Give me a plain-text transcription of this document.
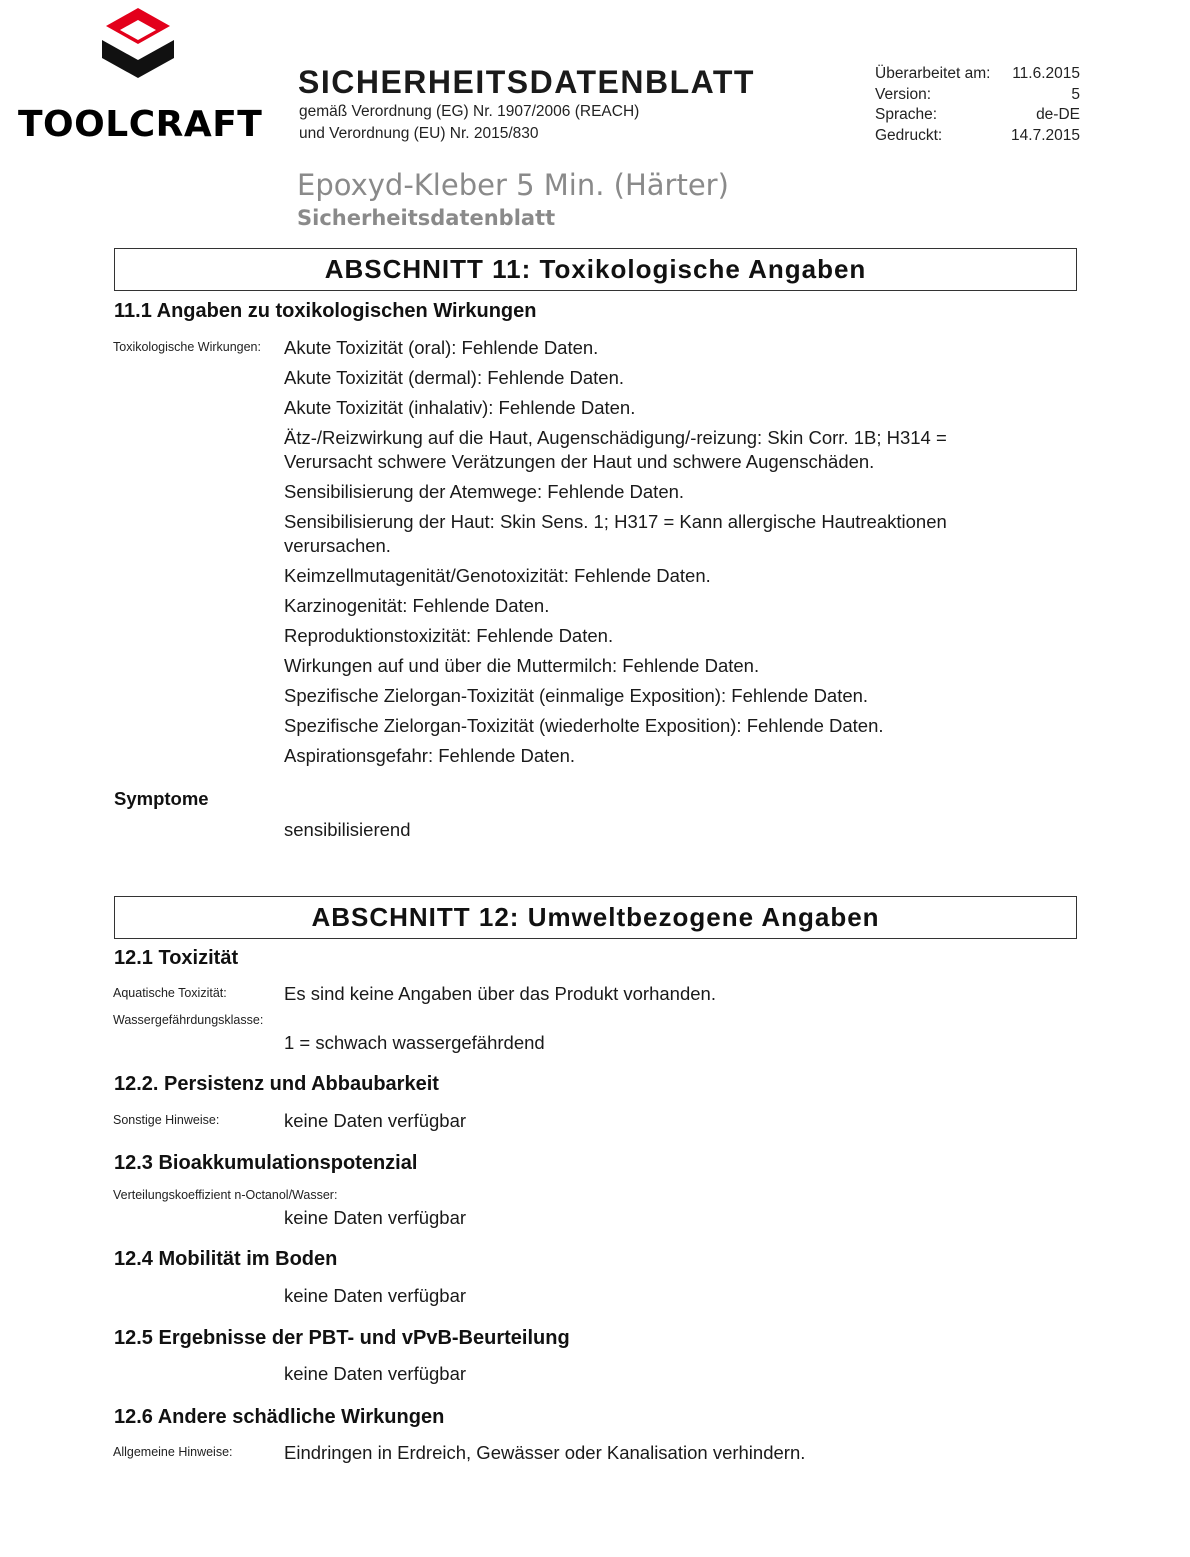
TOOLCRAFT
SICHERHEITSDATENBLATT
gemäß Verordnung (EG) Nr. 1907/2006 (REACH)
und Verordnung (EU) Nr. 2015/830
Überarbeitet am: 11.6.2015
Version:	5
Sprache:	de-DE
Gedruckt:	14.7.2015
Epoxyd-Kleber 5 Min. (Härter)
Sicherheitsdatenblatt
ABSCHNITT 11: Toxikologische Angaben
11.1 Angaben zu toxikologischen Wirkungen
Toxikologische Wirkungen: Akute Toxizität (oral): Fehlende Daten.
Akute Toxizität (dermal): Fehlende Daten.
Akute Toxizität (inhalativ): Fehlende Daten.
Ätz-/Reizwirkung auf die Haut, Augenschädigung/-reizung: Skin Corr. 1B; H314 = Verursacht schwere Verätzungen der Haut und schwere Augenschäden.
Sensibilisierung der Atemwege: Fehlende Daten.
Sensibilisierung der Haut: Skin Sens. 1; H317 = Kann allergische Hautreaktionen verursachen.
Keimzellmutagenität/Genotoxizität: Fehlende Daten.
Karzinogenität: Fehlende Daten.
Reproduktionstoxizität: Fehlende Daten.
Wirkungen auf und über die Muttermilch: Fehlende Daten.
Spezifische Zielorgan-Toxizität (einmalige Exposition): Fehlende Daten.
Spezifische Zielorgan-Toxizität (wiederholte Exposition): Fehlende Daten.
Aspirationsgefahr: Fehlende Daten.
Symptome
sensibilisierend
ABSCHNITT 12: Umweltbezogene Angaben
12.1 Toxizität
Aquatische Toxizität:	Es sind keine Angaben über das Produkt vorhanden.
Wassergefährdungsklasse:
1 = schwach wassergefährdend
12.2. Persistenz und Abbaubarkeit
Sonstige Hinweise:	keine Daten verfügbar
12.3 Bioakkumulationspotenzial
Verteilungskoeffizient n-Octanol/Wasser:
keine Daten verfügbar
12.4 Mobilität im Boden
keine Daten verfügbar
12.5 Ergebnisse der PBT- und vPvB-Beurteilung
keine Daten verfügbar
12.6 Andere schädliche Wirkungen
Allgemeine Hinweise:	Eindringen in Erdreich, Gewässer oder Kanalisation verhindern.
